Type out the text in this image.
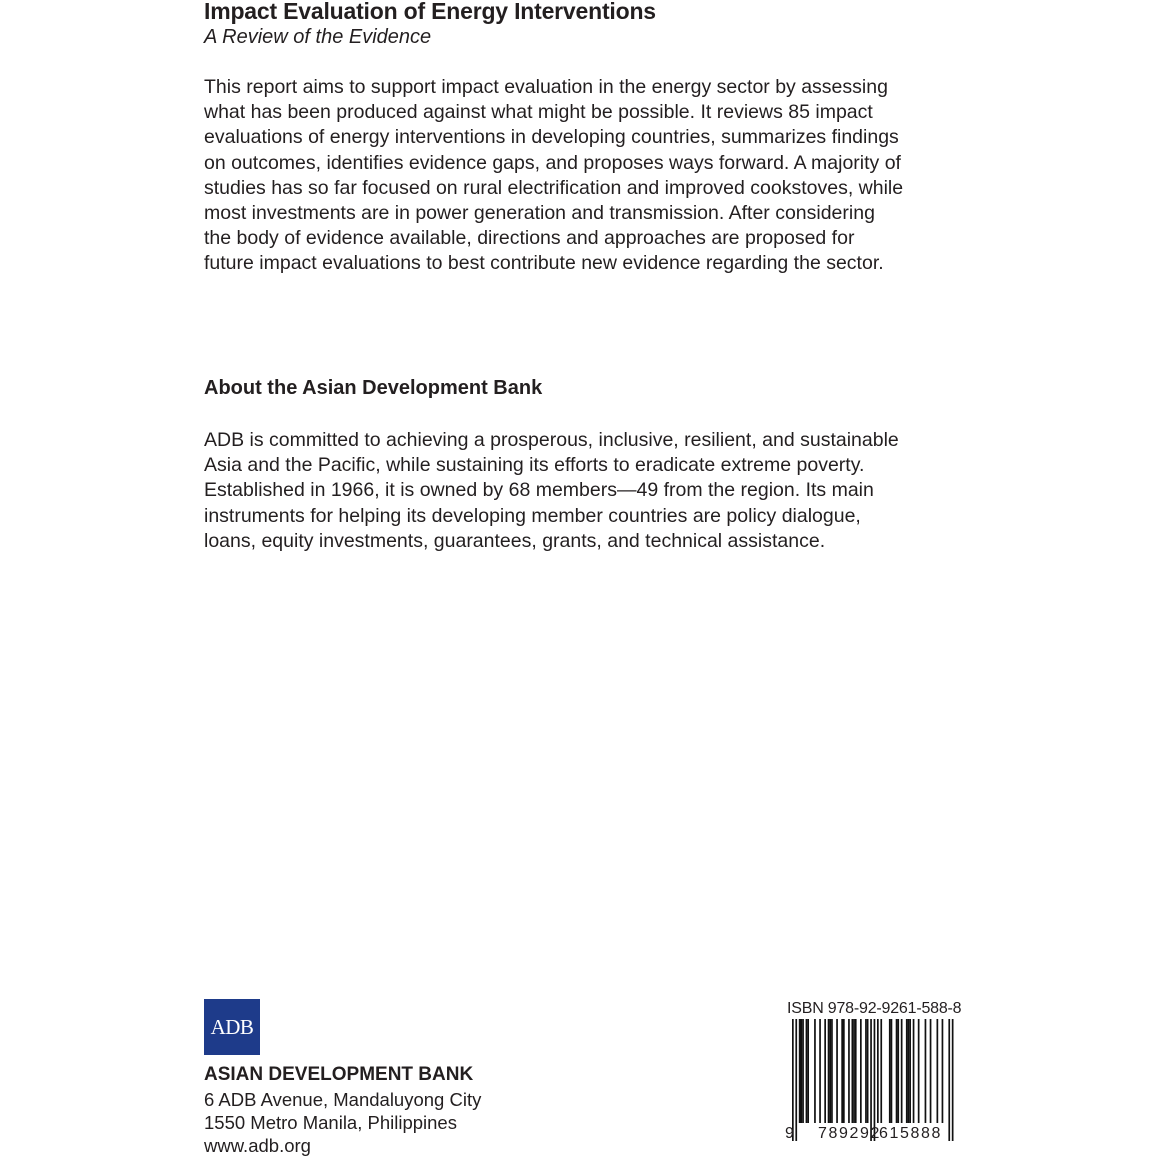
Impact Evaluation of Energy Interventions
A Review of the Evidence

This report aims to support impact evaluation in the energy sector by assessing
what has been produced against what might be possible. It reviews 85 impact
evaluations of energy interventions in developing countries, summarizes findings
on outcomes, identifies evidence gaps, and proposes ways forward. A majority of
studies has so far focused on rural electrification and improved cookstoves, while
most investments are in power generation and transmission. After considering
the body of evidence available, directions and approaches are proposed for
future impact evaluations to best contribute new evidence regarding the sector.

About the Asian Development Bank

ADB is committed to achieving a prosperous, inclusive, resilient, and sustainable
Asia and the Pacific, while sustaining its efforts to eradicate extreme poverty.
Established in 1966, it is owned by 68 members—49 from the region. Its main
instruments for helping its developing member countries are policy dialogue,
loans, equity investments, guarantees, grants, and technical assistance.

ADB
ASIAN DEVELOPMENT BANK
6 ADB Avenue, Mandaluyong City
1550 Metro Manila, Philippines
www.adb.org
ISBN 978-92-9261-588-8
9 789292
615888
